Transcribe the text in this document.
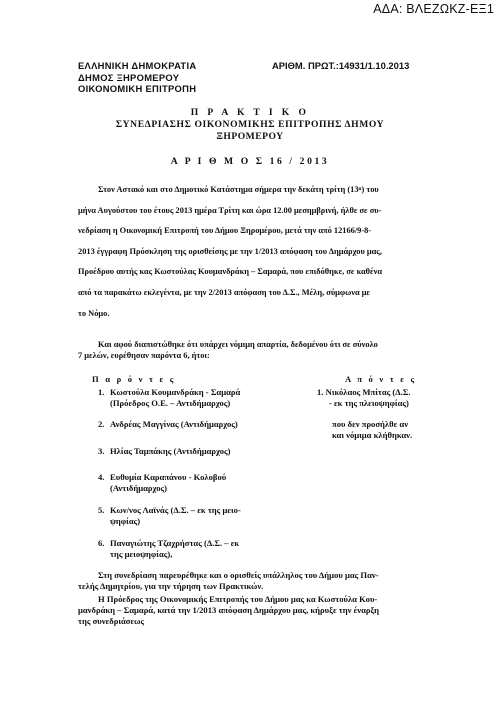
ΑΔΑ: ΒΛΕΖΩΚΖ-ΕΞ1
ΕΛΛΗΝΙΚΗ ΔΗΜΟΚΡΑΤΙΑ
ΔΗΜΟΣ ΞΗΡΟΜΕΡΟΥ
ΟΙΚΟΝΟΜΙΚΗ ΕΠΙΤΡΟΠΗ
ΑΡΙΘΜ. ΠΡΩΤ.:14931/1.10.2013
Π Ρ Α Κ Τ Ι Κ Ο
ΣΥΝΕΔΡΙΑΣΗΣ ΟΙΚΟΝΟΜΙΚΗΣ ΕΠΙΤΡΟΠΗΣ ΔΗΜΟΥ
ΞΗΡΟΜΕΡΟΥ
Α Ρ Ι Θ Μ Ο Σ 16 / 2013
Στον Αστακό και στο Δημοτικό Κατάστημα σήμερα την δεκάτη τρίτη (13ⁿ) του
μήνα Αυγούστου του έτους 2013 ημέρα Τρίτη και ώρα 12.00 μεσημβρινή, ήλθε σε συ-
νεδρίαση η Οικονομική Επιτροπή του Δήμου Ξηρομέρου, μετά την από 12166/9-8-
2013 έγγραφη Πρόσκληση της ορισθείσης με την 1/2013 απόφαση του Δημάρχου μας,
Προέδρου αυτής κας Κωστούλας Κουμανδράκη – Σαμαρά, που επιδόθηκε, σε καθένα
από τα παρακάτω εκλεγέντα, με την 2/2013 απόφαση του Δ.Σ., Μέλη, σύμφωνα με
το Νόμο.
Και αφού διαπιστώθηκε ότι υπάρχει νόμιμη απαρτία, δεδομένου ότι σε σύνολο
7 μελών, ευρέθησαν παρόντα 6, ήτοι:
Π α ρ ό ν τ ε ς	Α π ό ν τ ε ς
1. Κωστούλα Κουμανδράκη - Σαμαρά
(Πρόεδρος Ο.Ε. – Αντιδήμαρχος)
2. Ανδρέας Μαγγίνας (Αντιδήμαρχος)
3. Ηλίας Ταμπάκης (Αντιδήμαρχος)
4. Ευθυμία Καραπάνου - Κολοβού
(Αντιδήμαρχος)
5. Κων/νος Λαϊνάς (Δ.Σ. – εκ της μειο-
ψηφίας)
6. Παναγιώτης Τζαχρήστας (Δ.Σ. – εκ
της μειοψηφίας),
1. Νικόλαος Μπίτας (Δ.Σ.
- εκ της πλειοψηφίας)
που δεν προσήλθε αν
και νόμιμα κλήθηκαν.
Στη συνεδρίαση παρευρέθηκε και ο ορισθείς υπάλληλος του Δήμου μας Παν-
τελής Δημητρίου, για την τήρηση των Πρακτικών.
Η Πρόεδρος της Οικονομικής Επιτροπής του Δήμου μας κα Κωστούλα Κου-
μανδράκη – Σαμαρά, κατά την 1/2013 απόφαση Δημάρχου μας, κήρυξε την έναρξη
της συνεδριάσεως
